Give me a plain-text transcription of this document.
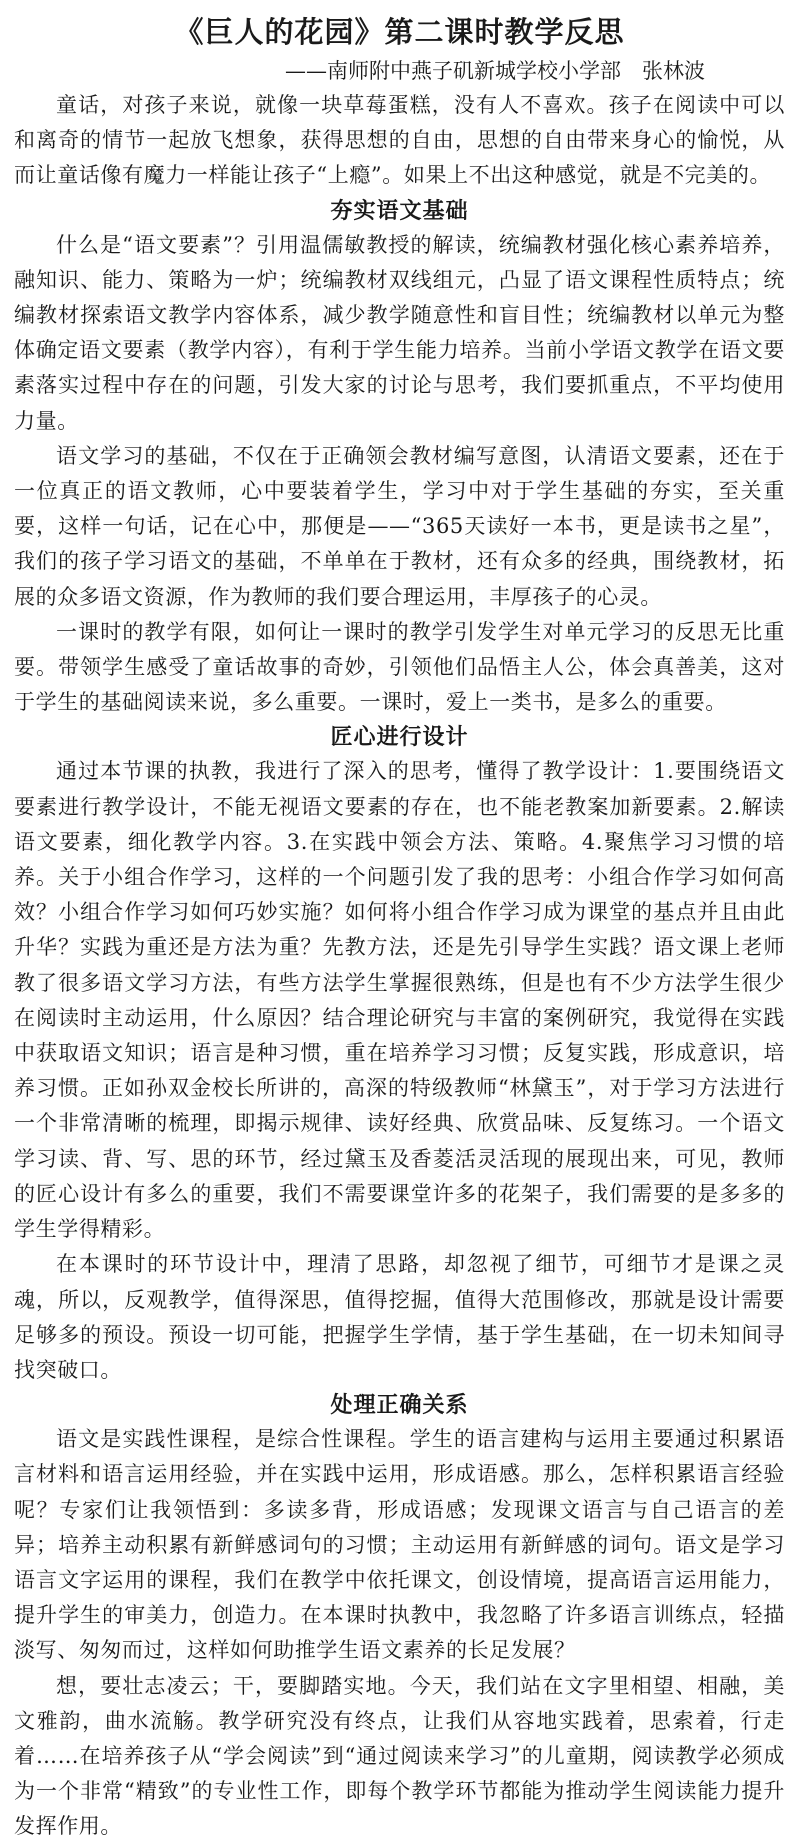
《巨人的花园》第二课时教学反思

——南师附中燕子矶新城学校小学部　张林波

童话，对孩子来说，就像一块草莓蛋糕，没有人不喜欢。孩子在阅读中可以和离奇的情节一起放飞想象，获得思想的自由，思想的自由带来身心的愉悦，从而让童话像有魔力一样能让孩子“上瘾”。如果上不出这种感觉，就是不完美的。

夯实语文基础

什么是“语文要素”？引用温儒敏教授的解读，统编教材强化核心素养培养，融知识、能力、策略为一炉；统编教材双线组元，凸显了语文课程性质特点；统编教材探索语文教学内容体系，减少教学随意性和盲目性；统编教材以单元为整体确定语文要素（教学内容），有利于学生能力培养。当前小学语文教学在语文要素落实过程中存在的问题，引发大家的讨论与思考，我们要抓重点，不平均使用力量。

语文学习的基础，不仅在于正确领会教材编写意图，认清语文要素，还在于一位真正的语文教师，心中要装着学生，学习中对于学生基础的夯实，至关重要，这样一句话，记在心中，那便是——“365天读好一本书，更是读书之星”，我们的孩子学习语文的基础，不单单在于教材，还有众多的经典，围绕教材，拓展的众多语文资源，作为教师的我们要合理运用，丰厚孩子的心灵。

一课时的教学有限，如何让一课时的教学引发学生对单元学习的反思无比重要。带领学生感受了童话故事的奇妙，引领他们品悟主人公，体会真善美，这对于学生的基础阅读来说，多么重要。一课时，爱上一类书，是多么的重要。

匠心进行设计

通过本节课的执教，我进行了深入的思考，懂得了教学设计：1.要围绕语文要素进行教学设计，不能无视语文要素的存在，也不能老教案加新要素。2.解读语文要素，细化教学内容。3.在实践中领会方法、策略。4.聚焦学习习惯的培养。关于小组合作学习，这样的一个问题引发了我的思考：小组合作学习如何高效？小组合作学习如何巧妙实施？如何将小组合作学习成为课堂的基点并且由此升华？实践为重还是方法为重？先教方法，还是先引导学生实践？语文课上老师教了很多语文学习方法，有些方法学生掌握很熟练，但是也有不少方法学生很少在阅读时主动运用，什么原因？结合理论研究与丰富的案例研究，我觉得在实践中获取语文知识；语言是种习惯，重在培养学习习惯；反复实践，形成意识，培养习惯。正如孙双金校长所讲的，高深的特级教师“林黛玉”，对于学习方法进行一个非常清晰的梳理，即揭示规律、读好经典、欣赏品味、反复练习。一个语文学习读、背、写、思的环节，经过黛玉及香菱活灵活现的展现出来，可见，教师的匠心设计有多么的重要，我们不需要课堂许多的花架子，我们需要的是多多的学生学得精彩。

在本课时的环节设计中，理清了思路，却忽视了细节，可细节才是课之灵魂，所以，反观教学，值得深思，值得挖掘，值得大范围修改，那就是设计需要足够多的预设。预设一切可能，把握学生学情，基于学生基础，在一切未知间寻找突破口。

处理正确关系

语文是实践性课程，是综合性课程。学生的语言建构与运用主要通过积累语言材料和语言运用经验，并在实践中运用，形成语感。那么，怎样积累语言经验呢？专家们让我领悟到：多读多背，形成语感；发现课文语言与自己语言的差异；培养主动积累有新鲜感词句的习惯；主动运用有新鲜感的词句。语文是学习语言文字运用的课程，我们在教学中依托课文，创设情境，提高语言运用能力，提升学生的审美力，创造力。在本课时执教中，我忽略了许多语言训练点，轻描淡写、匆匆而过，这样如何助推学生语文素养的长足发展？

想，要壮志凌云；干，要脚踏实地。今天，我们站在文字里相望、相融，美文雅韵，曲水流觞。教学研究没有终点，让我们从容地实践着，思索着，行走着……在培养孩子从“学会阅读”到“通过阅读来学习”的儿童期，阅读教学必须成为一个非常“精致”的专业性工作，即每个教学环节都能为推动学生阅读能力提升发挥作用。
